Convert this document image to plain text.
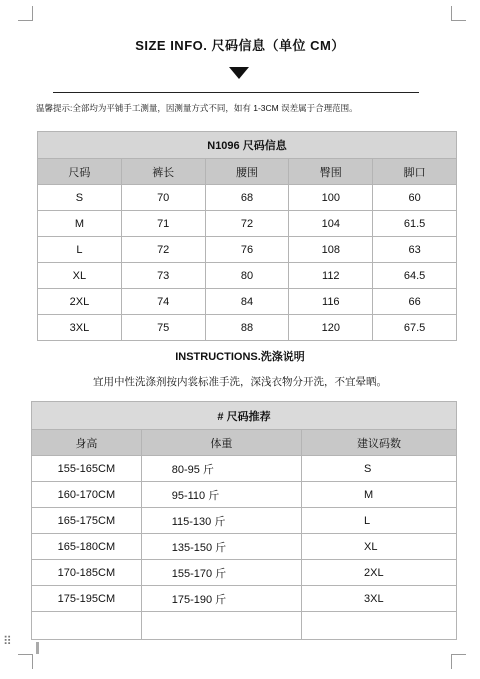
⠿
SIZE INFO. 尺码信息（单位 CM）
温馨提示:全部均为平铺手工测量，因测量方式不同，如有 1-3CM 误差属于合理范围。
N1096 尺码信息				
尺码	裤长	腰围	臀围	脚口
S	70	68	100	60
M	71	72	104	61.5
L	72	76	108	63
XL	73	80	112	64.5
2XL	74	84	116	66
3XL	75	88	120	67.5
INSTRUCTIONS.洗涤说明
宜用中性洗涤剂按内裳标准手洗，深浅衣物分开洗，不宜晕晒。
# 尺码推荐		
身高	体重	建议码数
155-165CM	80-95 斤	S
160-170CM	95-110 斤	M
165-175CM	115-130 斤	L
165-180CM	135-150 斤	XL
170-185CM	155-170 斤	2XL
175-195CM	175-190 斤	3XL
